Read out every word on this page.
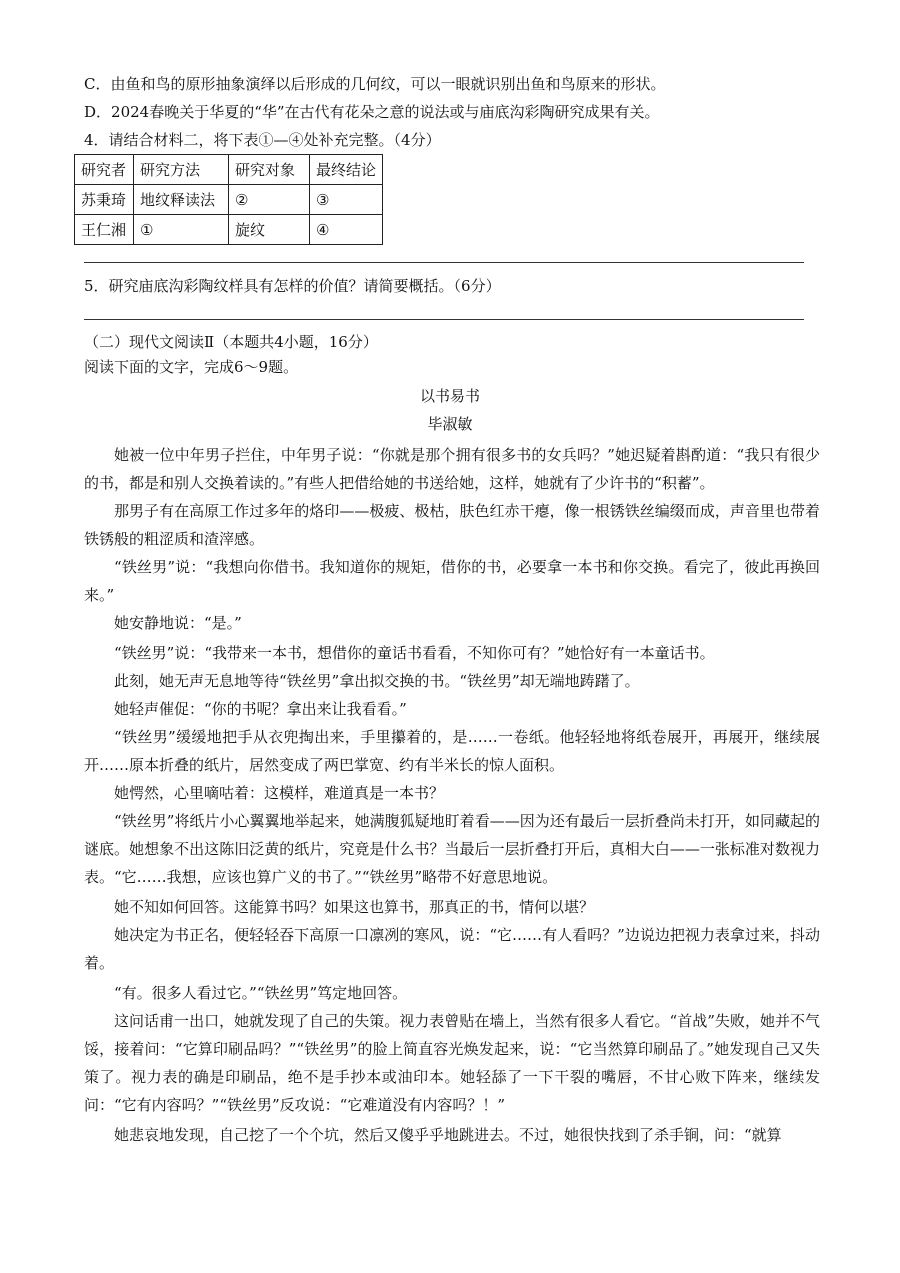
C．由鱼和鸟的原形抽象演绎以后形成的几何纹，可以一眼就识别出鱼和鸟原来的形状。
D．2024春晚关于华夏的“华”在古代有花朵之意的说法或与庙底沟彩陶研究成果有关。
4．请结合材料二，将下表①—④处补充完整。（4分）
研究者	研究方法	研究对象	最终结论
苏秉琦	地纹释读法	②	③
王仁湘	①	旋纹	④
5．研究庙底沟彩陶纹样具有怎样的价值？请简要概括。（6分）
（二）现代文阅读Ⅱ（本题共4小题，16分）
阅读下面的文字，完成6～9题。
以书易书
毕淑敏
她被一位中年男子拦住，中年男子说：“你就是那个拥有很多书的女兵吗？”她迟疑着斟酌道：“我只有很少的书，都是和别人交换着读的。”有些人把借给她的书送给她，这样，她就有了少许书的“积蓄”。
那男子有在高原工作过多年的烙印——极疲、极枯，肤色红赤干瘪，像一根锈铁丝编缀而成，声音里也带着铁锈般的粗涩质和渣滓感。
“铁丝男”说：“我想向你借书。我知道你的规矩，借你的书，必要拿一本书和你交换。看完了，彼此再换回来。”
她安静地说：“是。”
“铁丝男”说：“我带来一本书，想借你的童话书看看，不知你可有？”她恰好有一本童话书。
此刻，她无声无息地等待“铁丝男”拿出拟交换的书。“铁丝男”却无端地踌躇了。
她轻声催促：“你的书呢？拿出来让我看看。”
“铁丝男”缓缓地把手从衣兜掏出来，手里攥着的，是……一卷纸。他轻轻地将纸卷展开，再展开，继续展开……原本折叠的纸片，居然变成了两巴掌宽、约有半米长的惊人面积。
她愕然，心里嘀咕着：这模样，难道真是一本书？
“铁丝男”将纸片小心翼翼地举起来，她满腹狐疑地盯着看——因为还有最后一层折叠尚未打开，如同藏起的谜底。她想象不出这陈旧泛黄的纸片，究竟是什么书？当最后一层折叠打开后，真相大白——一张标准对数视力表。“它……我想，应该也算广义的书了。”“铁丝男”略带不好意思地说。
她不知如何回答。这能算书吗？如果这也算书，那真正的书，情何以堪？
她决定为书正名，便轻轻吞下高原一口凛冽的寒风，说：“它……有人看吗？”边说边把视力表拿过来，抖动着。
“有。很多人看过它。”“铁丝男”笃定地回答。
这问话甫一出口，她就发现了自己的失策。视力表曾贴在墙上，当然有很多人看它。“首战”失败，她并不气馁，接着问：“它算印刷品吗？”“铁丝男”的脸上简直容光焕发起来，说：“它当然算印刷品了。”她发现自己又失策了。视力表的确是印刷品，绝不是手抄本或油印本。她轻舔了一下干裂的嘴唇，不甘心败下阵来，继续发问：“它有内容吗？”“铁丝男”反攻说：“它难道没有内容吗？！”
她悲哀地发现，自己挖了一个个坑，然后又傻乎乎地跳进去。不过，她很快找到了杀手锏，问：“就算
